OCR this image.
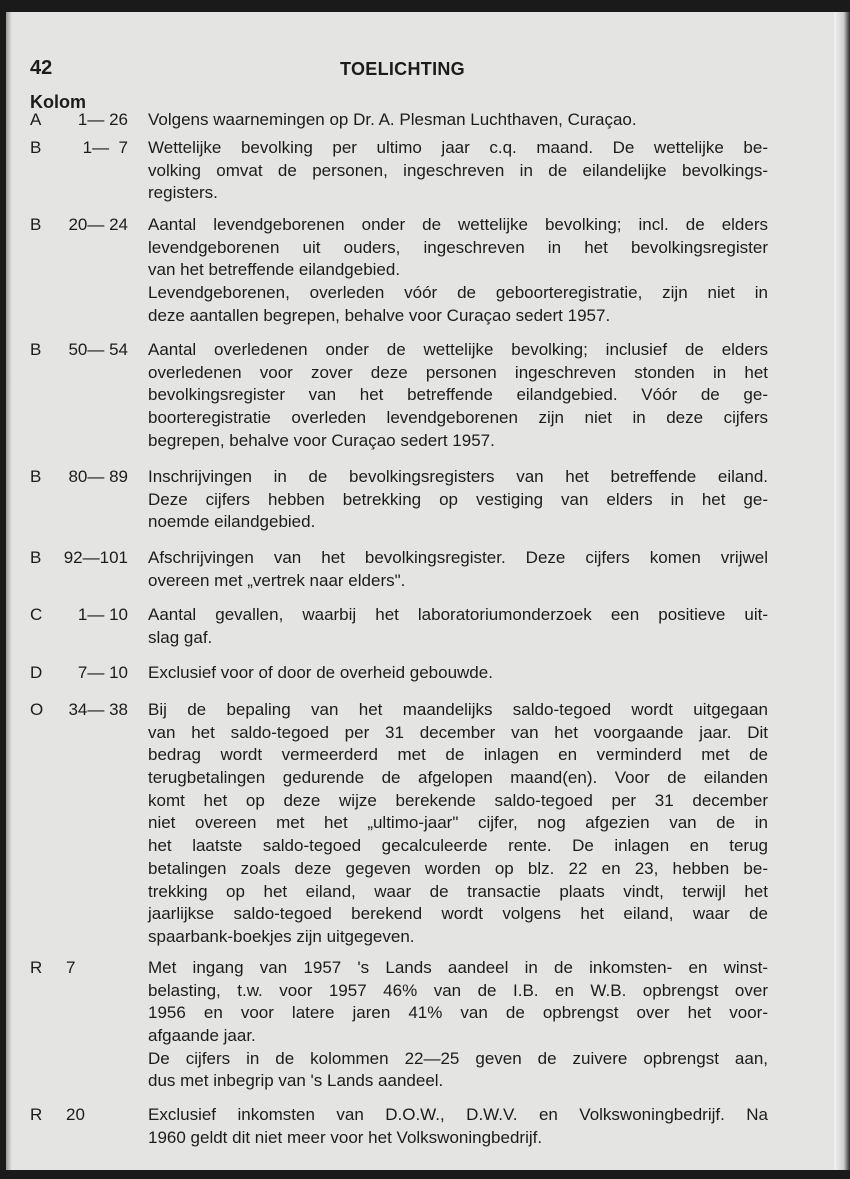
42	TOELICHTING
Kolom
A	1— 26 Volgens waarnemingen op Dr. A. Plesman Luchthaven, Curaçao.
B	1—  7 Wettelijke bevolking per ultimo jaar c.q. maand. De wettelijke be-
volking omvat de personen, ingeschreven in de eilandelijke bevolkings-
registers.
B	20— 24 Aantal levendgeborenen onder de wettelijke bevolking; incl. de elders
levendgeborenen uit ouders, ingeschreven in het bevolkingsregister
van het betreffende eilandgebied.
Levendgeborenen, overleden vóór de geboorteregistratie, zijn niet in
deze aantallen begrepen, behalve voor Curaçao sedert 1957.
B	50— 54 Aantal overledenen onder de wettelijke bevolking; inclusief de elders
overledenen voor zover deze personen ingeschreven stonden in het
bevolkingsregister van het betreffende eilandgebied. Vóór de ge-
boorteregistratie overleden levendgeborenen zijn niet in deze cijfers
begrepen, behalve voor Curaçao sedert 1957.
B	80— 89 Inschrijvingen in de bevolkingsregisters van het betreffende eiland.
Deze cijfers hebben betrekking op vestiging van elders in het ge-
noemde eilandgebied.
B	92—101 Afschrijvingen van het bevolkingsregister. Deze cijfers komen vrijwel
overeen met „vertrek naar elders".
C	1— 10 Aantal gevallen, waarbij het laboratoriumonderzoek een positieve uit-
slag gaf.
D	7— 10 Exclusief voor of door de overheid gebouwde.
O	34— 38 Bij de bepaling van het maandelijks saldo-tegoed wordt uitgegaan
van het saldo-tegoed per 31 december van het voorgaande jaar. Dit
bedrag wordt vermeerderd met de inlagen en verminderd met de
terugbetalingen gedurende de afgelopen maand(en). Voor de eilanden
komt het op deze wijze berekende saldo-tegoed per 31 december
niet overeen met het „ultimo-jaar" cijfer, nog afgezien van de in
het laatste saldo-tegoed gecalculeerde rente. De inlagen en terug
betalingen zoals deze gegeven worden op blz. 22 en 23, hebben be-
trekking op het eiland, waar de transactie plaats vindt, terwijl het
jaarlijkse saldo-tegoed berekend wordt volgens het eiland, waar de
spaarbank-boekjes zijn uitgegeven.
R 7	Met ingang van 1957 's Lands aandeel in de inkomsten- en winst-
belasting, t.w. voor 1957 46% van de I.B. en W.B. opbrengst over
1956 en voor latere jaren 41% van de opbrengst over het voor-
afgaande jaar.
De cijfers in de kolommen 22—25 geven de zuivere opbrengst aan,
dus met inbegrip van 's Lands aandeel.
R 20	Exclusief inkomsten van D.O.W., D.W.V. en Volkswoningbedrijf. Na
1960 geldt dit niet meer voor het Volkswoningbedrijf.
